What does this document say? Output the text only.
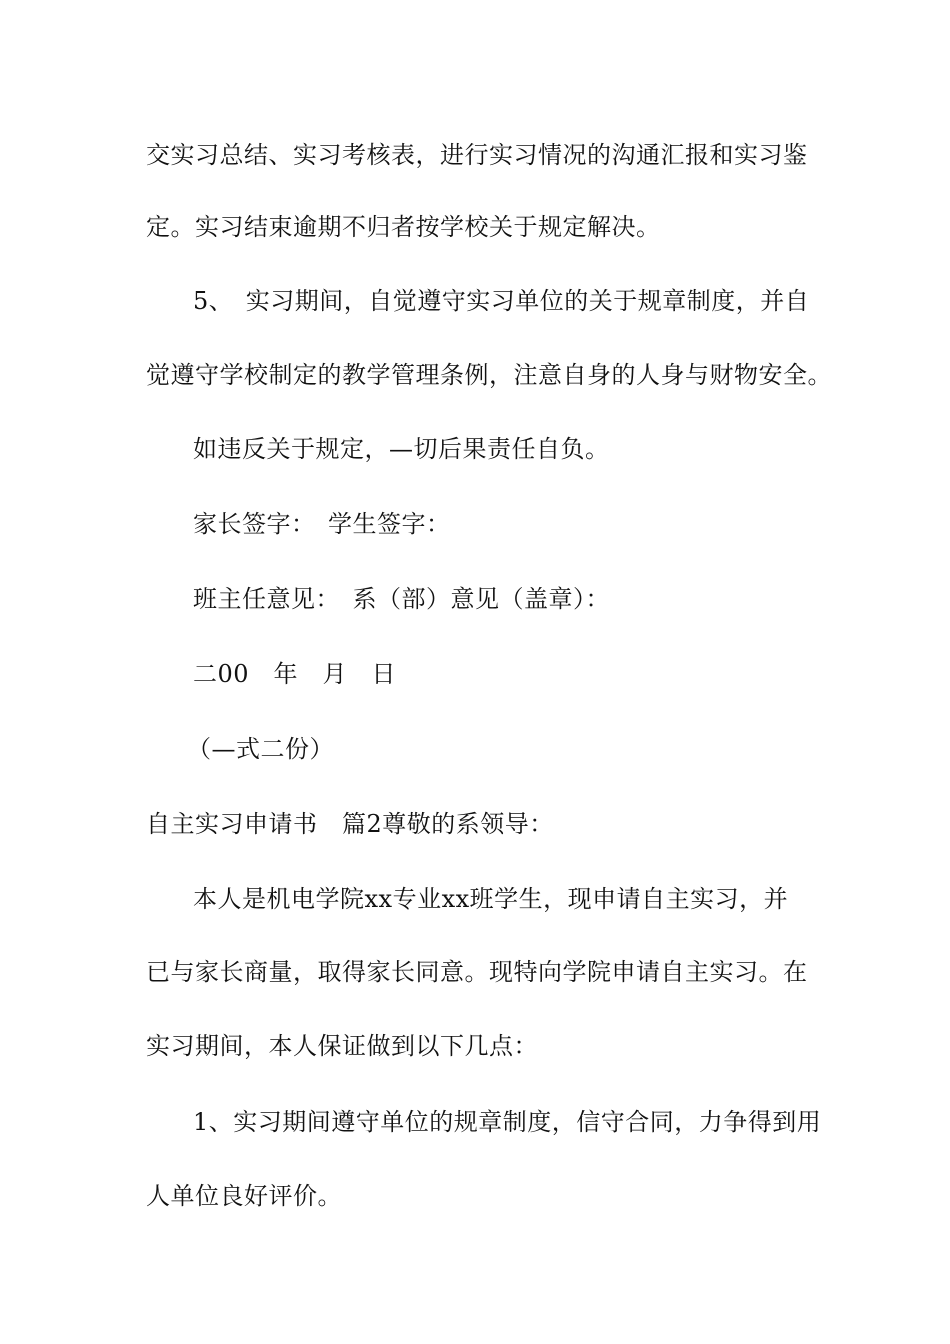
交实习总结、实习考核表，进行实习情况的沟通汇报和实习鉴
定。实习结束逾期不归者按学校关于规定解决。
5、　实习期间，自觉遵守实习单位的关于规章制度，并自
觉遵守学校制定的教学管理条例，注意自身的人身与财物安全。
如违反关于规定，—切后果责任自负。
家长签字：　学生签字：
班主任意见：　系（部）意见（盖章）：
二00　年　月　日
（—式二份）
自主实习申请书　篇2尊敬的系领导：
本人是机电学院xx专业xx班学生，现申请自主实习，并
已与家长商量，取得家长同意。现特向学院申请自主实习。在
实习期间，本人保证做到以下几点：
1、实习期间遵守单位的规章制度，信守合同，力争得到用
人单位良好评价。
